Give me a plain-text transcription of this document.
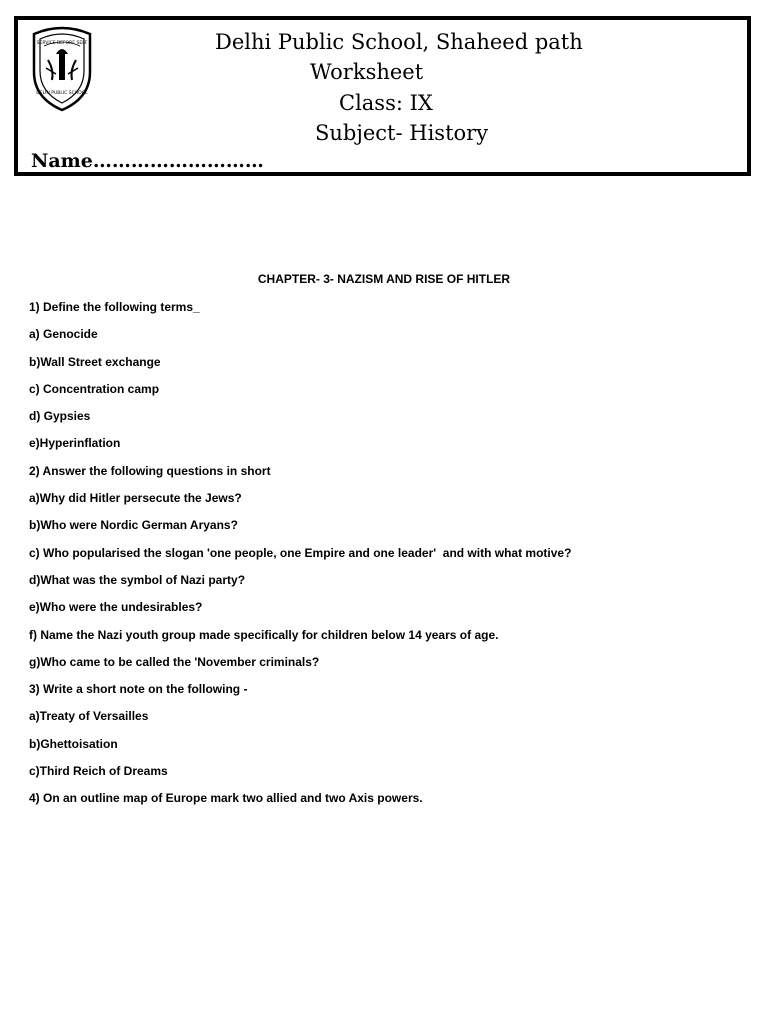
SERVICE BEFORE SELF
DELHI PUBLIC SCHOOL
Delhi Public School, Shaheed path
Worksheet
Class: IX
Subject- History
Name………………………
CHAPTER- 3- NAZISM AND RISE OF HITLER
1) Define the following terms_
a) Genocide
b)Wall Street exchange
c) Concentration camp
d) Gypsies
e)Hyperinflation
2) Answer the following questions in short
a)Why did Hitler persecute the Jews?
b)Who were Nordic German Aryans?
c) Who popularised the slogan 'one people, one Empire and one leader'  and with what motive?
d)What was the symbol of Nazi party?
e)Who were the undesirables?
f) Name the Nazi youth group made specifically for children below 14 years of age.
g)Who came to be called the 'November criminals?
3) Write a short note on the following -
a)Treaty of Versailles
b)Ghettoisation
c)Third Reich of Dreams
4) On an outline map of Europe mark two allied and two Axis powers.
